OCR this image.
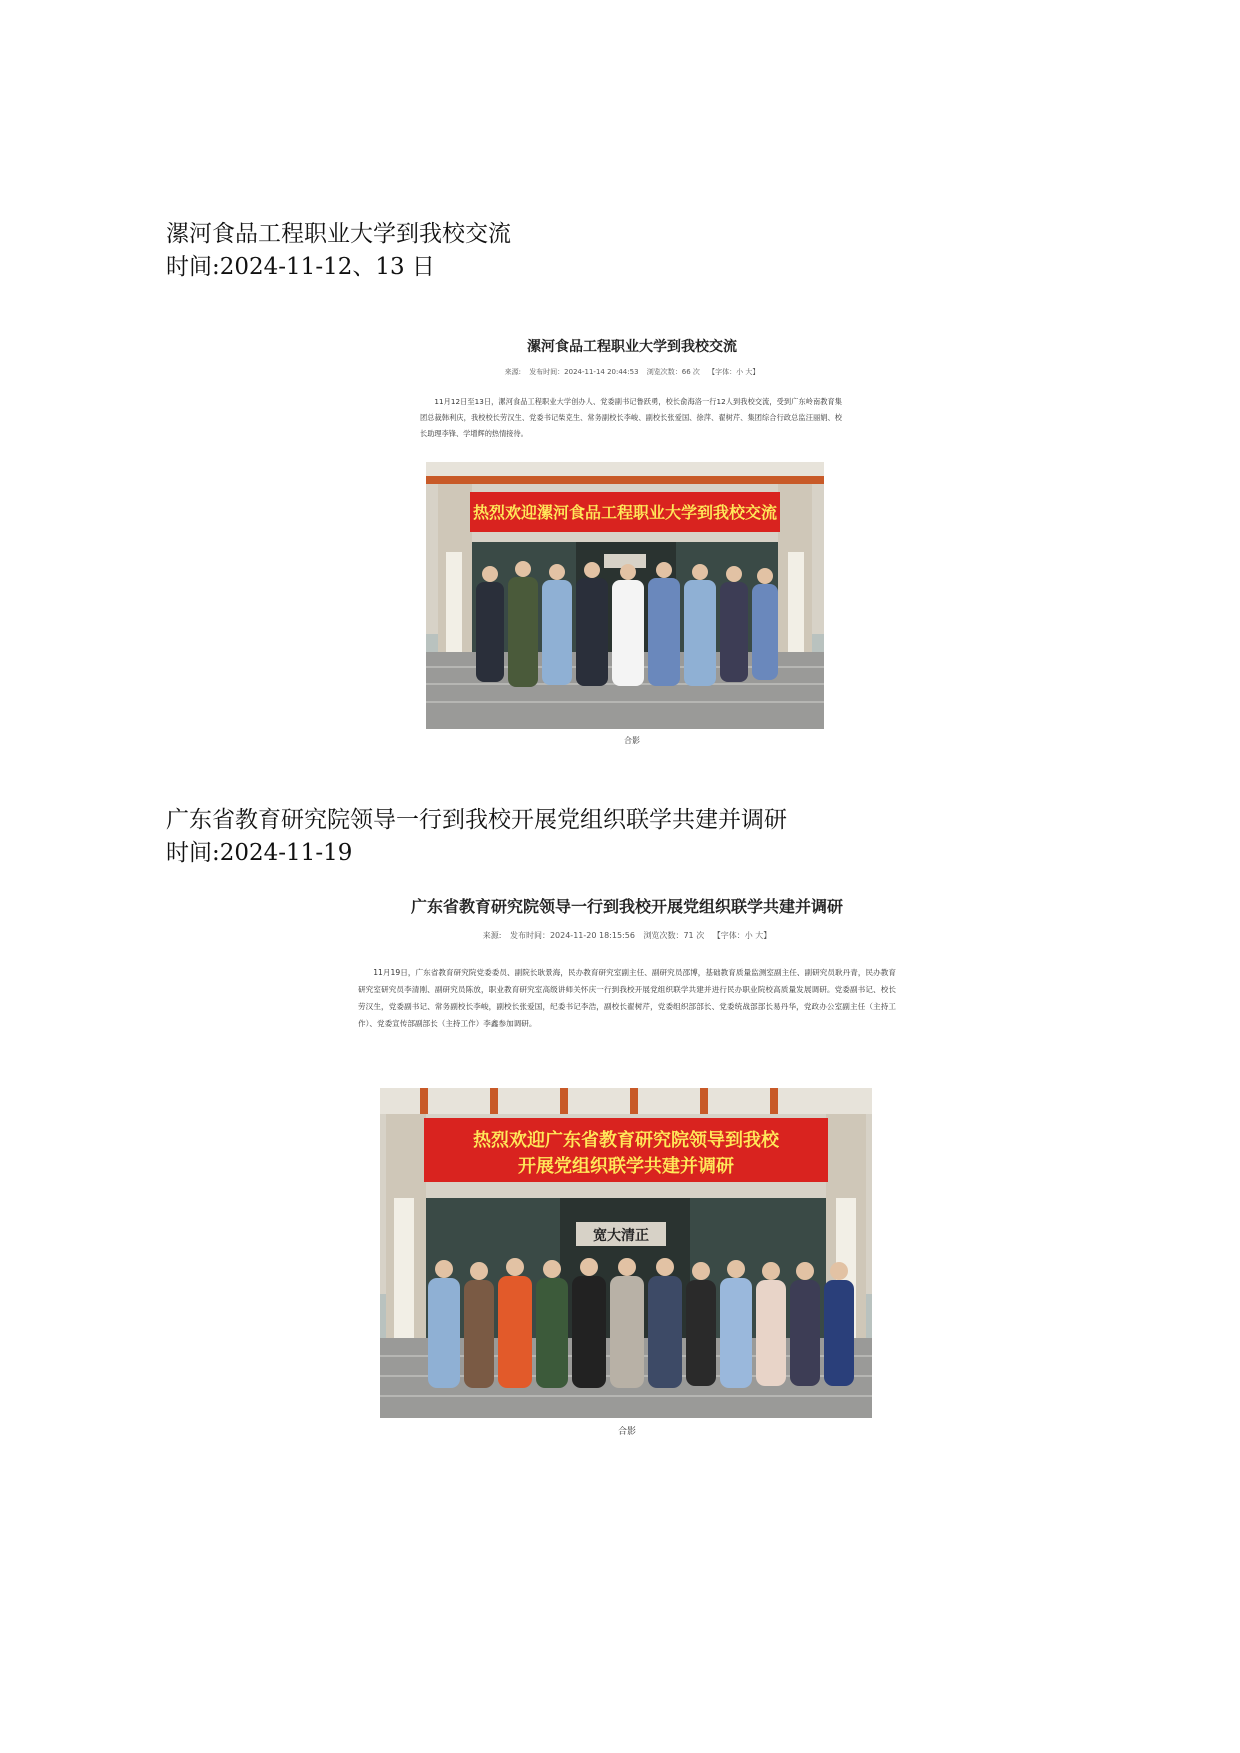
漯河食品工程职业大学到我校交流

时间:2024-11-12、13 日

漯河食品工程职业大学到我校交流

来源: 发布时间：2024-11-14 20:44:53 浏览次数：66 次 【字体：小 大】

11月12日至13日，漯河食品工程职业大学创办人、党委副书记鲁跃勇，校长俞海洛一行12人到我校交流，受到广东岭南教育集团总裁韩利庆，我校校长劳汉生、党委书记柴克生、常务副校长李峻、副校长张爱国、徐萍、翟树芹、集团综合行政总监汪丽娟、校长助理李锋、学增辉的热情接待。

热烈欢迎漯河食品工程职业大学到我校交流
合影
广东省教育研究院领导一行到我校开展党组织联学共建并调研

时间:2024-11-19

广东省教育研究院领导一行到我校开展党组织联学共建并调研

来源: 发布时间：2024-11-20 18:15:56 浏览次数：71 次 【字体：小 大】

11月19日，广东省教育研究院党委委员、副院长耿景海，民办教育研究室副主任、副研究员邵博，基础教育质量监测室副主任、副研究员耿丹青，民办教育研究室研究员李清刚、副研究员陈放，职业教育研究室高级讲师关怀庆一行到我校开展党组织联学共建并进行民办职业院校高质量发展调研。党委副书记、校长劳汉生，党委副书记、常务副校长李峻，副校长张爱国，纪委书记李浩，副校长翟树芹，党委组织部部长、党委统战部部长易丹华，党政办公室副主任（主持工作）、党委宣传部副部长（主持工作）李鑫参加调研。

宽大清正
热烈欢迎广东省教育研究院领导到我校
开展党组织联学共建并调研
合影
